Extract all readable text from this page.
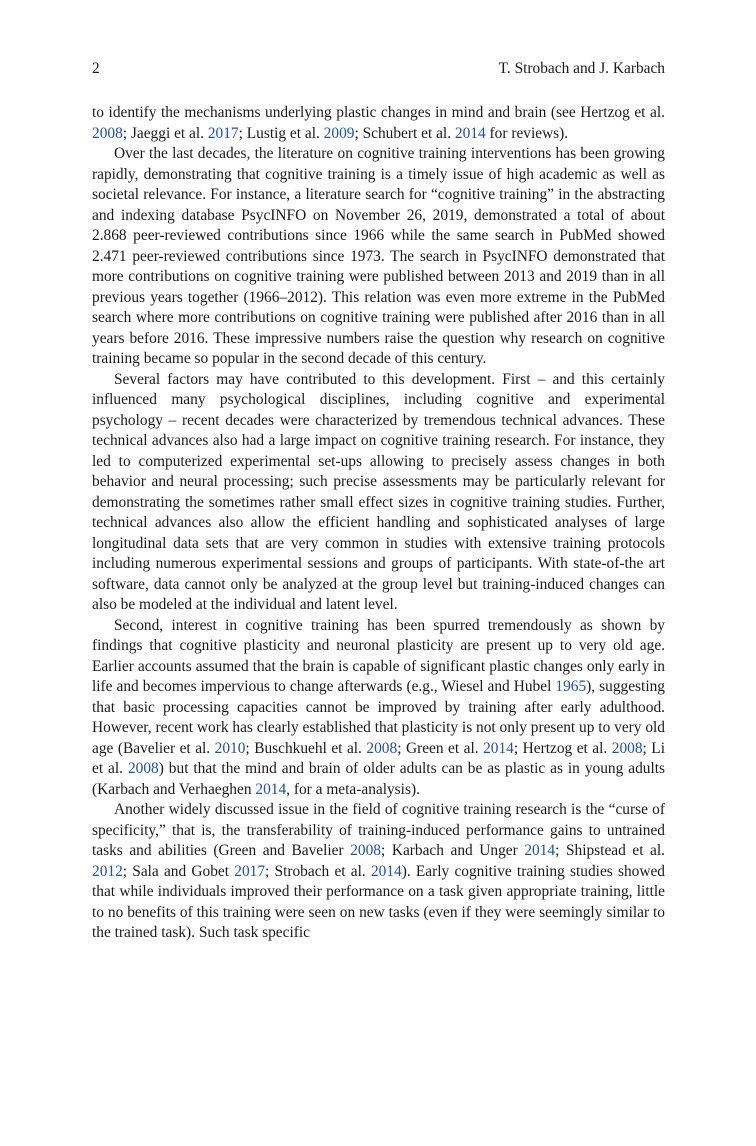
2	T. Strobach and J. Karbach

to identify the mechanisms underlying plastic changes in mind and brain (see Hertzog et al. 2008; Jaeggi et al. 2017; Lustig et al. 2009; Schubert et al. 2014 for reviews).

Over the last decades, the literature on cognitive training interventions has been growing rapidly, demonstrating that cognitive training is a timely issue of high academic as well as societal relevance. For instance, a literature search for “cognitive training” in the abstracting and indexing database PsycINFO on November 26, 2019, demonstrated a total of about 2.868 peer-reviewed contributions since 1966 while the same search in PubMed showed 2.471 peer-reviewed contributions since 1973. The search in PsycINFO demonstrated that more contributions on cognitive training were published between 2013 and 2019 than in all previous years together (1966–2012). This relation was even more extreme in the PubMed search where more contributions on cognitive training were published after 2016 than in all years before 2016. These impressive numbers raise the question why research on cognitive training became so popular in the second decade of this century.

Several factors may have contributed to this development. First – and this certainly influenced many psychological disciplines, including cognitive and experimental psychology – recent decades were characterized by tremendous technical advances. These technical advances also had a large impact on cognitive training research. For instance, they led to computerized experimental set-ups allowing to precisely assess changes in both behavior and neural processing; such precise assessments may be particularly relevant for demonstrating the sometimes rather small effect sizes in cognitive training studies. Further, technical advances also allow the efficient handling and sophisticated analyses of large longitudinal data sets that are very common in studies with extensive training protocols including numerous experimental sessions and groups of participants. With state-of-the art software, data cannot only be analyzed at the group level but training-induced changes can also be modeled at the individual and latent level.

Second, interest in cognitive training has been spurred tremendously as shown by findings that cognitive plasticity and neuronal plasticity are present up to very old age. Earlier accounts assumed that the brain is capable of significant plastic changes only early in life and becomes impervious to change afterwards (e.g., Wiesel and Hubel 1965), suggesting that basic processing capacities cannot be improved by training after early adulthood. However, recent work has clearly established that plasticity is not only present up to very old age (Bavelier et al. 2010; Buschkuehl et al. 2008; Green et al. 2014; Hertzog et al. 2008; Li et al. 2008) but that the mind and brain of older adults can be as plastic as in young adults (Karbach and Verhaeghen 2014, for a meta-analysis).

Another widely discussed issue in the field of cognitive training research is the “curse of specificity,” that is, the transferability of training-induced performance gains to untrained tasks and abilities (Green and Bavelier 2008; Karbach and Unger 2014; Shipstead et al. 2012; Sala and Gobet 2017; Strobach et al. 2014). Early cognitive training studies showed that while individuals improved their performance on a task given appropriate training, little to no benefits of this training were seen on new tasks (even if they were seemingly similar to the trained task). Such task specific
